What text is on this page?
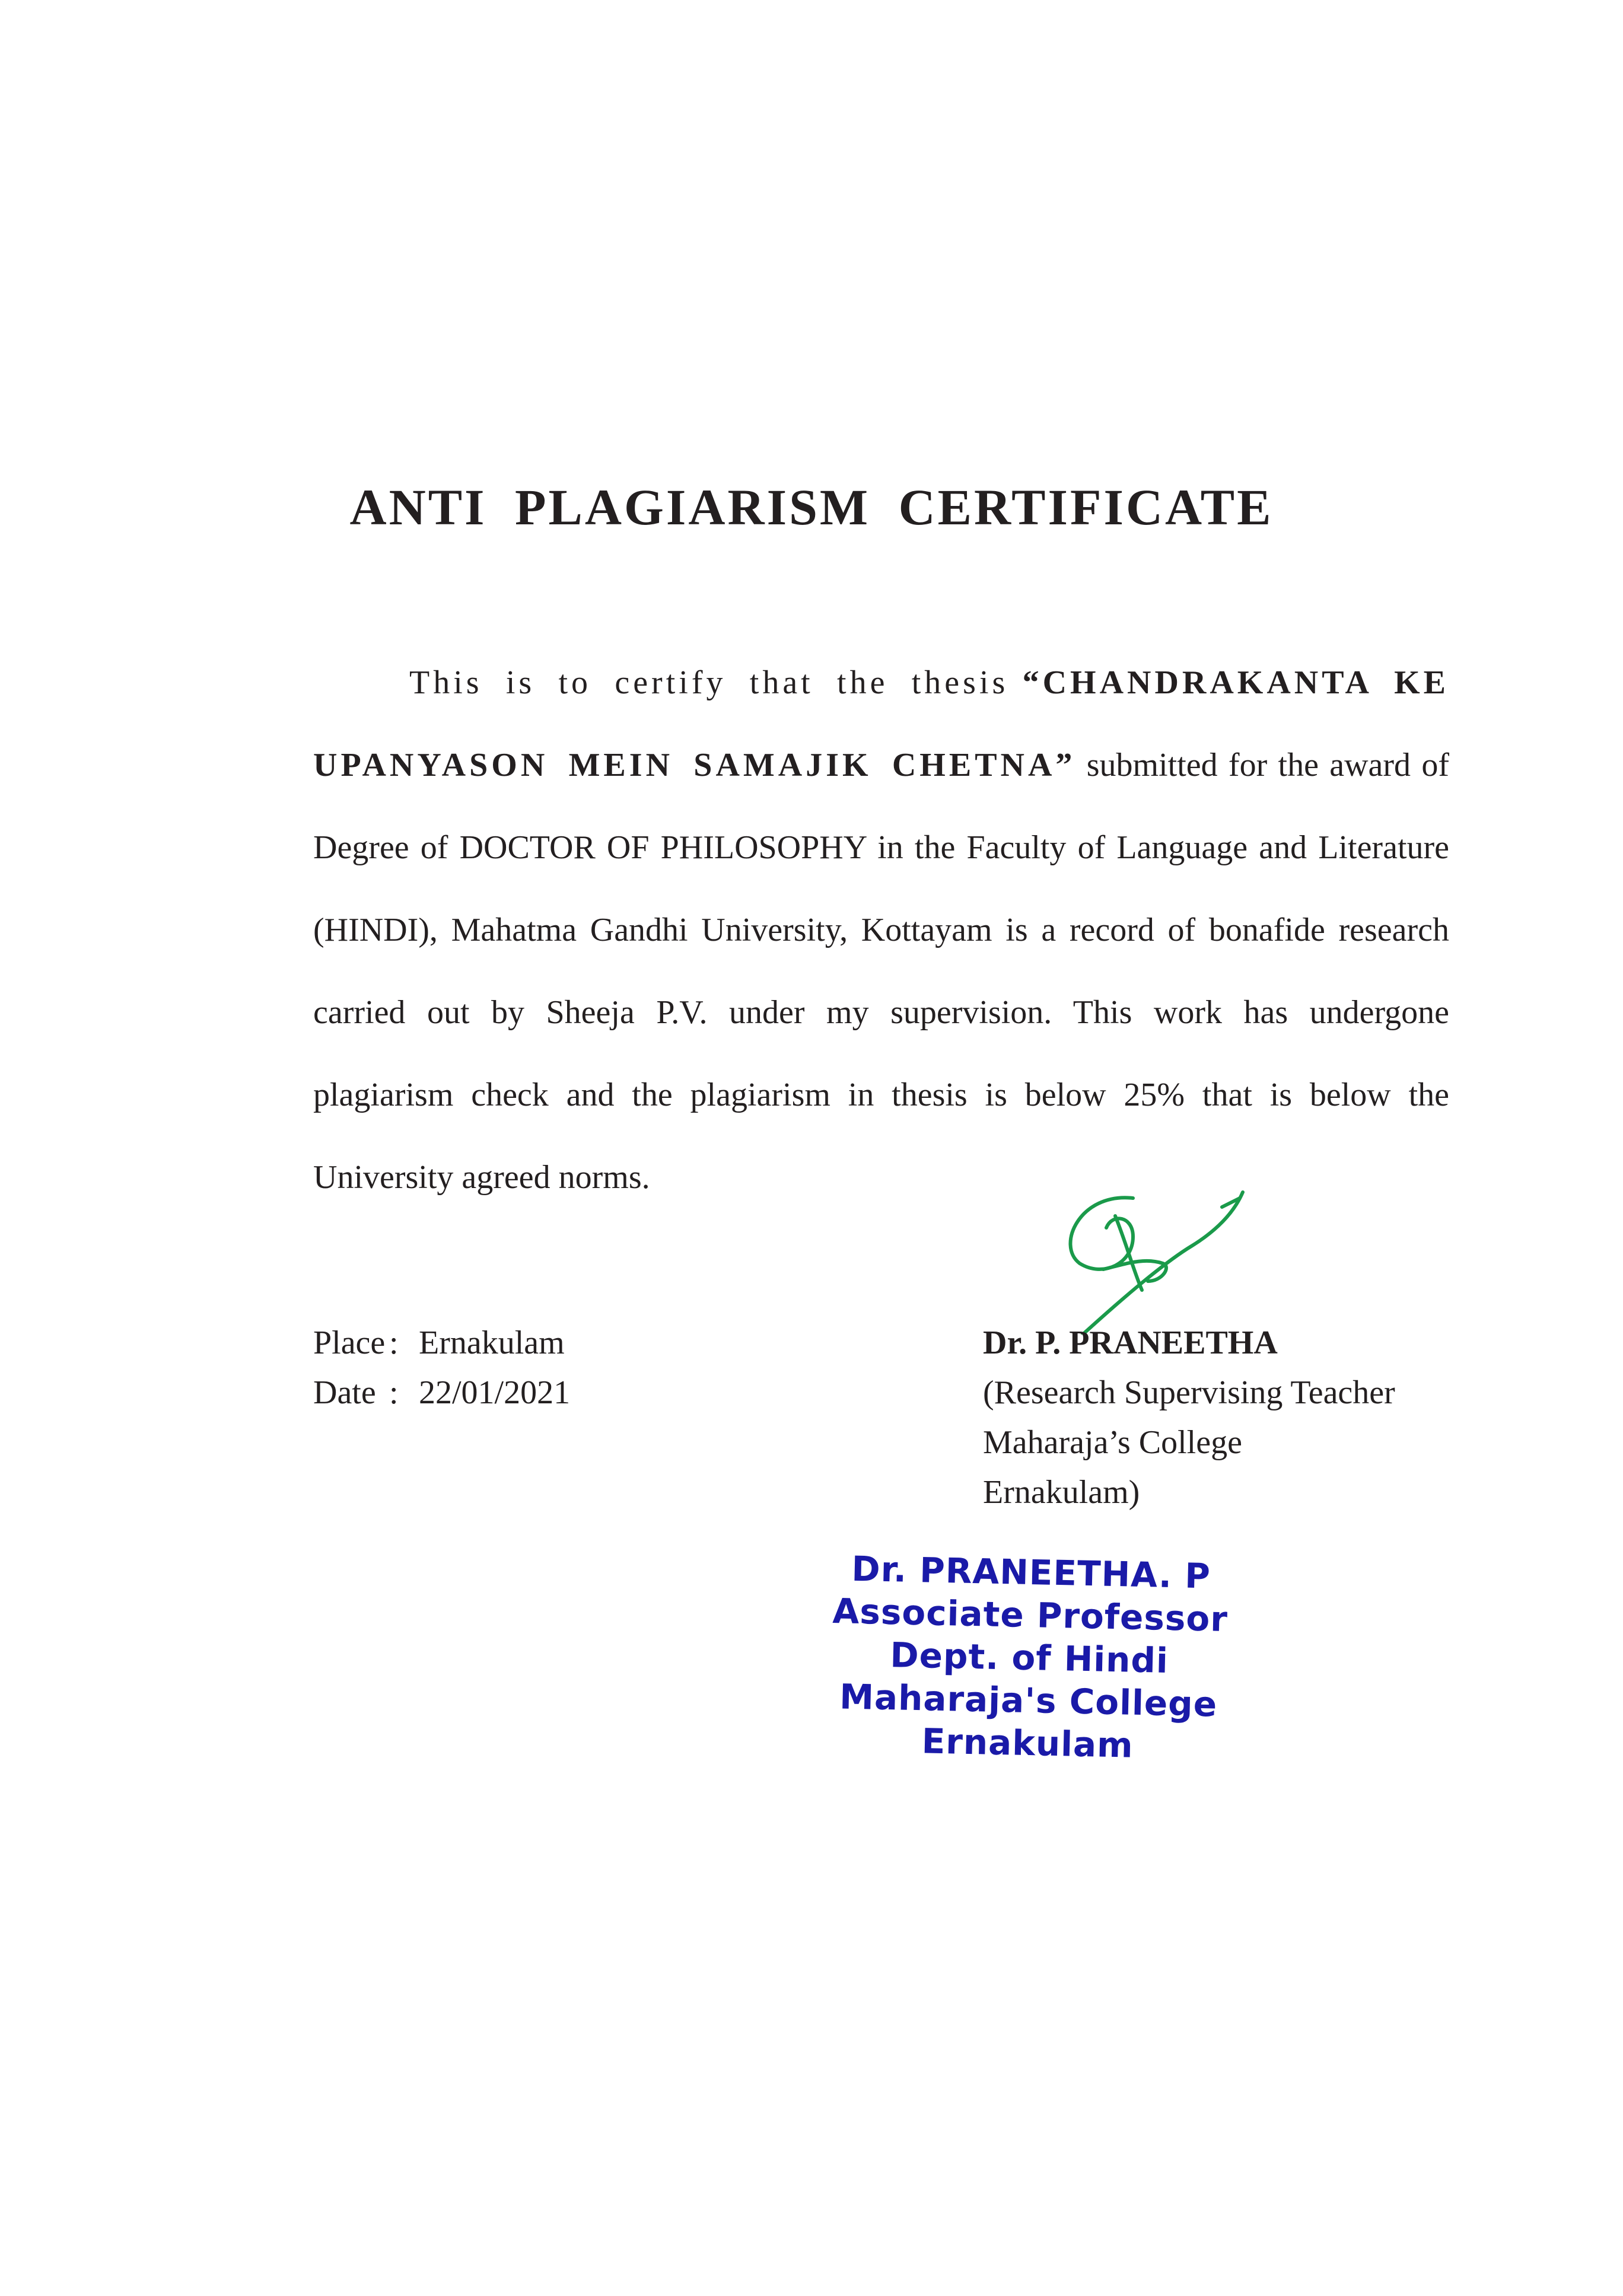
ANTI PLAGIARISM CERTIFICATE

This is to certify that the thesis “CHANDRAKANTA KE UPANYASON MEIN SAMAJIK CHETNA” submitted for the award of Degree of DOCTOR OF PHILOSOPHY in the Faculty of Language and Literature (HINDI), Mahatma Gandhi University, Kottayam is a record of bonafide research carried out by Sheeja P.V. under my supervision. This work has undergone plagiarism check and the plagiarism in thesis is below 25% that is below the University agreed norms.

Place : Ernakulam
Date : 22/01/2021
Dr. P. PRANEETHA
(Research Supervising Teacher
Maharaja’s College
Ernakulam)
Dr. PRANEETHA. P
Associate Professor
Dept. of Hindi
Maharaja's College
Ernakulam
